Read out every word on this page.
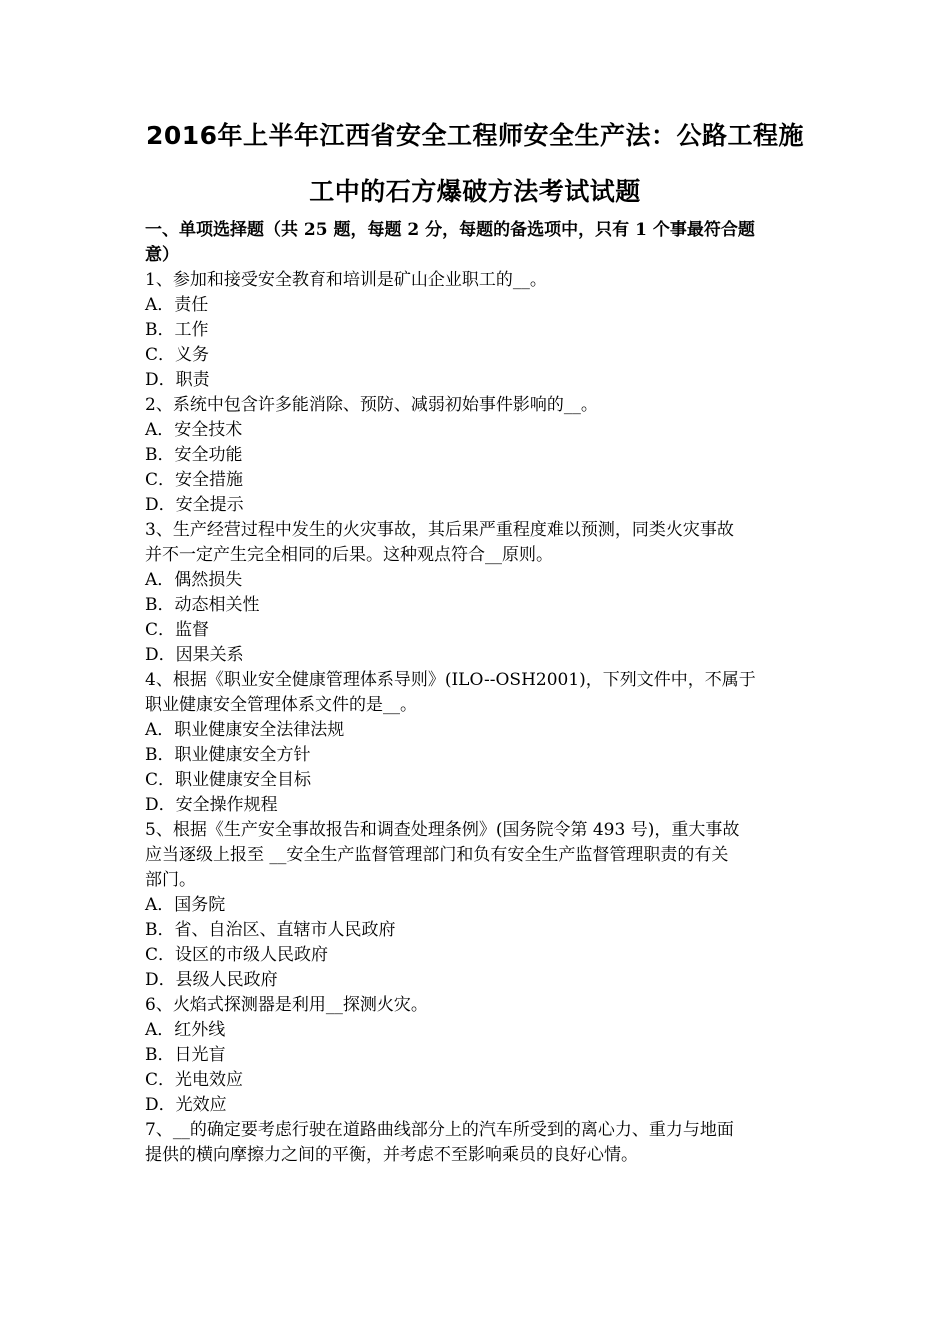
2016年上半年江西省安全工程师安全生产法：公路工程施
工中的石方爆破方法考试试题
一、单项选择题（共 25 题，每题 2 分，每题的备选项中，只有 1 个事最符合题
意）
1、参加和接受安全教育和培训是矿山企业职工的__。
A．责任
B．工作
C．义务
D．职责
2、系统中包含许多能消除、预防、减弱初始事件影响的__。
A．安全技术
B．安全功能
C．安全措施
D．安全提示
3、生产经营过程中发生的火灾事故，其后果严重程度难以预测，同类火灾事故
并不一定产生完全相同的后果。这种观点符合__原则。
A．偶然损失
B．动态相关性
C．监督
D．因果关系
4、根据《职业安全健康管理体系导则》(ILO--OSH2001)，下列文件中，不属于
职业健康安全管理体系文件的是__。
A．职业健康安全法律法规
B．职业健康安全方针
C．职业健康安全目标
D．安全操作规程
5、根据《生产安全事故报告和调查处理条例》(国务院令第 493 号)，重大事故
应当逐级上报至 __安全生产监督管理部门和负有安全生产监督管理职责的有关
部门。
A．国务院
B．省、自治区、直辖市人民政府
C．设区的市级人民政府
D．县级人民政府
6、火焰式探测器是利用__探测火灾。
A．红外线
B．日光盲
C．光电效应
D．光效应
7、__的确定要考虑行驶在道路曲线部分上的汽车所受到的离心力、重力与地面
提供的横向摩擦力之间的平衡，并考虑不至影响乘员的良好心情。
